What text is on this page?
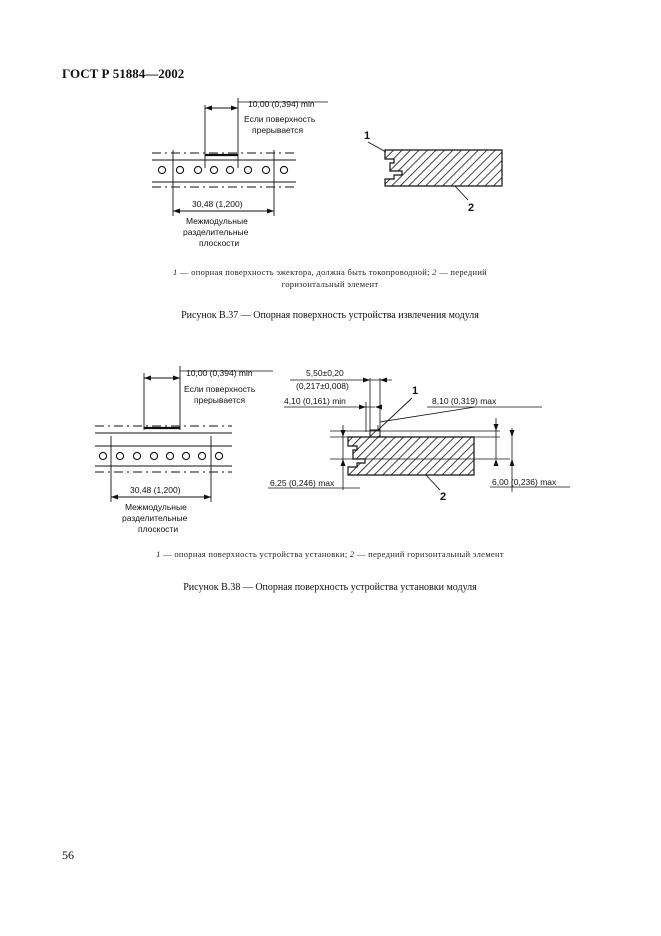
ГОСТ Р 51884—2002
10,00 (0,394) min
Если поверхность
прерывается
30,48 (1,200)
Межмодульные
разделительные
плоскости
1
2
1 — опорная поверхность эжектора, должна быть токопроводной; 2 — передний
горизонтальный элемент
Рисунок В.37 — Опорная поверхность устройства извлечения модуля
10,00 (0,394) min
Если поверхность
прерывается
30,48 (1,200)
Межмодульные
разделительные
плоскости
5,50±0,20
(0,217±0,008)
4,10 (0,161) min
1
8,10 (0,319) max
6,00 (0,236) max
6,25 (0,246) max
2
1 — опорная поверхность устройства установки; 2 — передний горизонтальный элемент
Рисунок В.38 — Опорная поверхность устройства установки модуля
56
